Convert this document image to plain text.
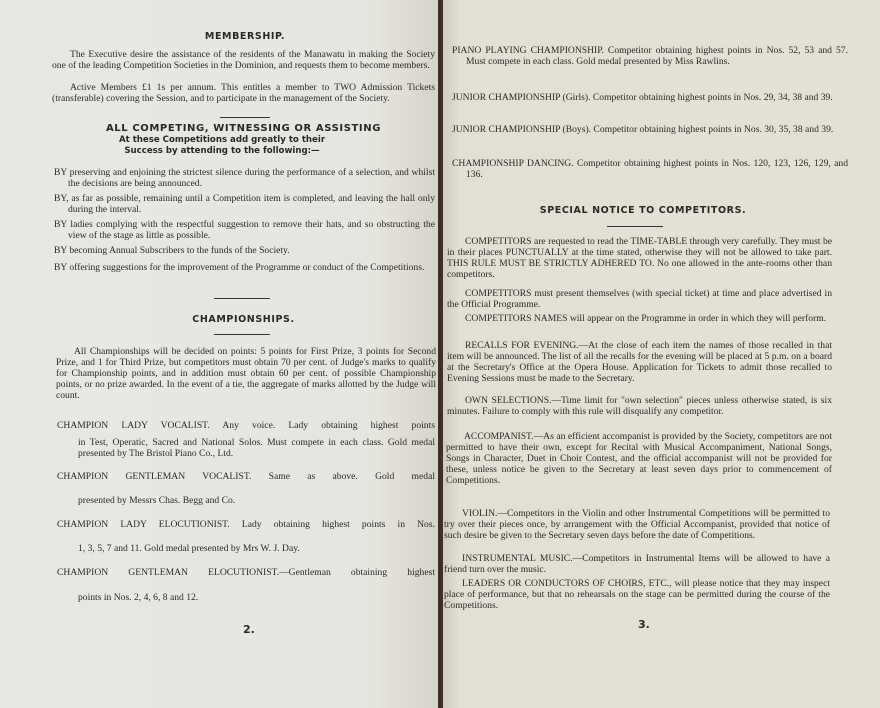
MEMBERSHIP.
The Executive desire the assistance of the residents of the Manawatu in making the Society one of the leading Competition Societies in the Dominion, and requests them to become members.
Active Members £1 1s per annum. This entitles a member to TWO Admission Tickets (transferable) covering the Session, and to participate in the management of the Society.
ALL COMPETING, WITNESSING OR ASSISTING
At these Competitions add greatly to their
Success by attending to the following:—
BY preserving and enjoining the strictest silence during the performance of a selection, and whilst the decisions are being announced.
BY, as far as possible, remaining until a Competition item is completed, and leaving the hall only during the interval.
BY ladies complying with the respectful suggestion to remove their hats, and so obstructing the view of the stage as little as possible.
BY becoming Annual Subscribers to the funds of the Society.
BY offering suggestions for the improvement of the Programme or conduct of the Competitions.
CHAMPIONSHIPS.
All Championships will be decided on points: 5 points for First Prize, 3 points for Second Prize, and 1 for Third Prize, but competitors must obtain 70 per cent. of Judge's marks to qualify for Championship points, and in addition must obtain 60 per cent. of possible Championship points, or no prize awarded. In the event of a tie, the aggregate of marks allotted by the Judge will count.
CHAMPION LADY VOCALIST. Any voice. Lady obtaining highest points
in Test, Operatic, Sacred and National Solos. Must compete in each class. Gold medal presented by The Bristol Piano Co., Ltd.
CHAMPION GENTLEMAN VOCALIST. Same as above. Gold medal
presented by Messrs Chas. Begg and Co.
CHAMPION LADY ELOCUTIONIST. Lady obtaining highest points in Nos.
1, 3, 5, 7 and 11. Gold medal presented by Mrs W. J. Day.
CHAMPION GENTLEMAN ELOCUTIONIST.—Gentleman obtaining highest
points in Nos. 2, 4, 6, 8 and 12.
2.
PIANO PLAYING CHAMPIONSHIP. Competitor obtaining highest points in Nos. 52, 53 and 57. Must compete in each class. Gold medal presented by Miss Rawlins.
JUNIOR CHAMPIONSHIP (Girls). Competitor obtaining highest points in Nos. 29, 34, 38 and 39.
JUNIOR CHAMPIONSHIP (Boys). Competitor obtaining highest points in Nos. 30, 35, 38 and 39.
CHAMPIONSHIP DANCING. Competitor obtaining highest points in Nos. 120, 123, 126, 129, and 136.
SPECIAL NOTICE TO COMPETITORS.
COMPETITORS are requested to read the TIME-TABLE through very carefully. They must be in their places PUNCTUALLY at the time stated, otherwise they will not be allowed to take part. THIS RULE MUST BE STRICTLY ADHERED TO. No one allowed in the ante-rooms other than competitors.
COMPETITORS must present themselves (with special ticket) at time and place advertised in the Official Programme.
COMPETITORS NAMES will appear on the Programme in order in which they will perform.
RECALLS FOR EVENING.—At the close of each item the names of those recalled in that item will be announced. The list of all the recalls for the evening will be placed at 5 p.m. on a board at the Secretary's Office at the Opera House. Application for Tickets to admit those recalled to Evening Sessions must be made to the Secretary.
OWN SELECTIONS.—Time limit for "own selection" pieces unless otherwise stated, is six minutes. Failure to comply with this rule will disqualify any competitor.
ACCOMPANIST.—As an efficient accompanist is provided by the Society, competitors are not permitted to have their own, except for Recital with Musical Accompaniment, National Songs, Songs in Character, Duet in Choir Contest, and the official accompanist will not be provided for these, unless notice be given to the Secretary at least seven days prior to commencement of Competitions.
VIOLIN.—Competitors in the Violin and other Instrumental Competitions will be permitted to try over their pieces once, by arrangement with the Official Accompanist, provided that notice of such desire be given to the Secretary seven days before the date of Competitions.
INSTRUMENTAL MUSIC.—Competitors in Instrumental Items will be allowed to have a friend turn over the music.
LEADERS OR CONDUCTORS OF CHOIRS, ETC., will please notice that they may inspect place of performance, but that no rehearsals on the stage can be permitted during the course of the Competitions.
3.
